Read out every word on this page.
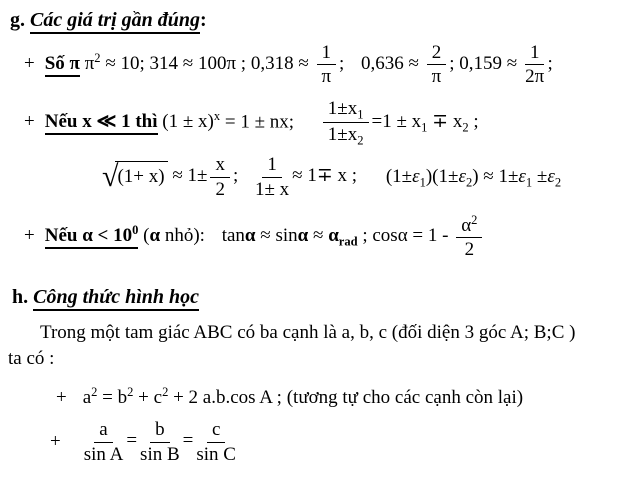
g. Các giá trị gần đúng:
+ Số π $\pi^2 \approx 10$; 314 ≈ 100π ; $0,318 \approx \frac{1}{\pi}$ ; $0,636 \approx \frac{2}{\pi}$ ; $0,159 \approx \frac{1}{2\pi}$ ;
+ Nếu x ≪ 1 thì $(1 \pm x)^x = 1$ ± nx; $\frac{1\pm x_1}{1\pm x_2} =1 \pm x_1 \mp x_2$ ;
√ $(1+ x) \approx 1\pm \frac{x}{2}$ ; $\frac{1}{1\pm x} \approx 1\mp x$ ; $(1\pm\varepsilon_1)(1\pm\varepsilon_2) \approx 1\pm\varepsilon_1 \pm\varepsilon_2$
+ Nếu $\alpha < 10^0$ (α nhỏ): $\tan\alpha \approx \sin\alpha \approx \alpha_{rad}$ ; $\cos\alpha = 1 - \frac{\alpha^2}{2}$
h. Công thức hình học
Trong một tam giác ABC có ba cạnh là a, b, c (đối diện 3 góc A; B;C )
ta có :
+ $a^2 = b^2 + c^2 + 2$ a.b.cos A ; (tương tự cho các cạnh còn lại)
+ $\frac{a}{\text{sin A}} = \frac{b}{\text{sin B}} = \frac{c}{\text{sin C}}$
